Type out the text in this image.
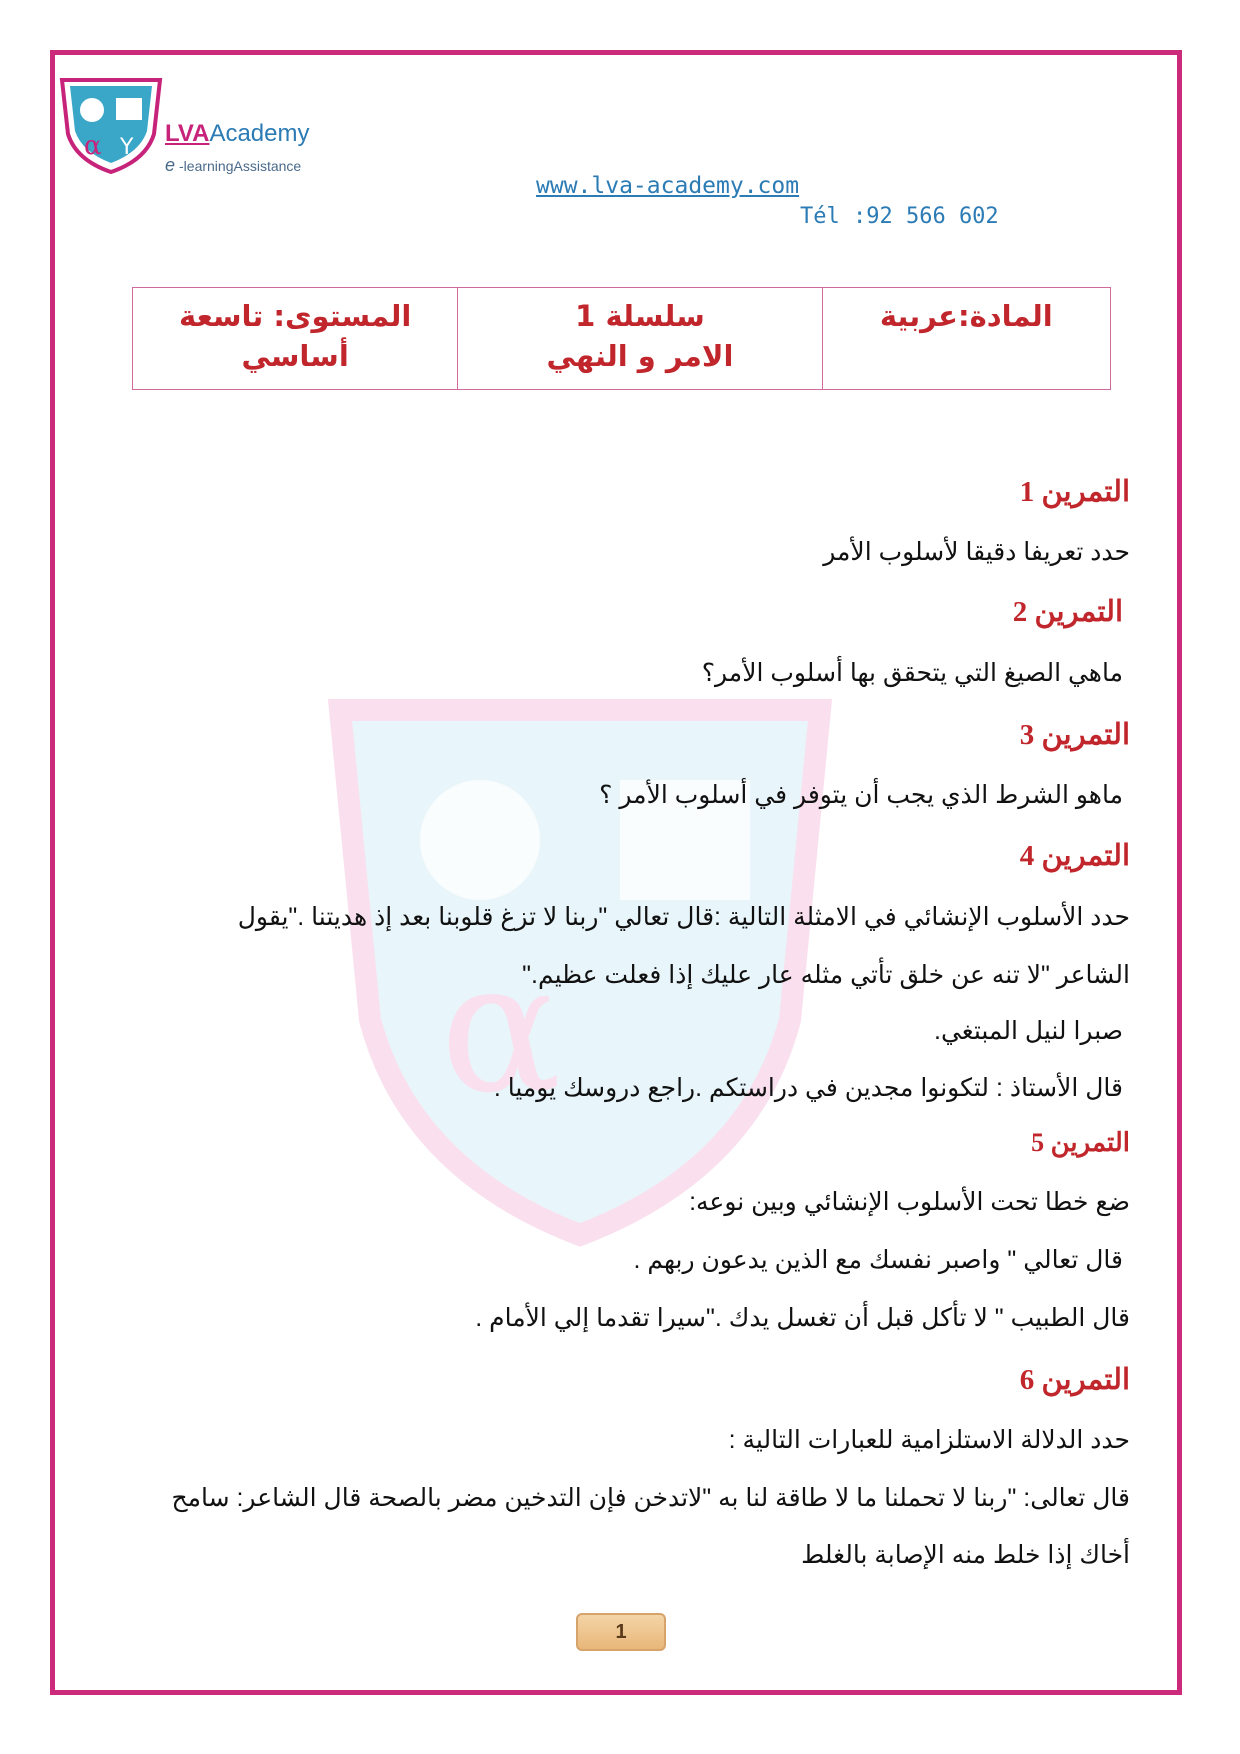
α
α Y
LVAAcademy
e -learningAssistance
www.lva-academy.com
Tél :92 566 602
المستوى: تاسعة
أساسي
سلسلة 1
الامر و النهي
المادة:عربية
التمرين 1
حدد تعريفا دقيقا لأسلوب الأمر
التمرين 2
ماهي الصيغ التي يتحقق بها أسلوب الأمر؟
التمرين 3
ماهو الشرط الذي يجب أن يتوفر في أسلوب الأمر ؟
التمرين 4
حدد الأسلوب الإنشائي في الامثلة التالية :قال تعالي "ربنا لا تزغ قلوبنا بعد إذ هديتنا ."يقول
الشاعر "لا تنه عن خلق تأتي مثله عار عليك إذا فعلت عظيم."
صبرا لنيل المبتغي.
قال الأستاذ : لتكونوا مجدين في دراستكم .راجع دروسك يوميا .
التمرين 5
ضع خطا تحت الأسلوب الإنشائي وبين نوعه:
قال تعالي " واصبر نفسك مع الذين يدعون ربهم .
قال الطبيب " لا تأكل قبل أن تغسل يدك ."سيرا تقدما إلي الأمام .
التمرين 6
حدد الدلالة الاستلزامية للعبارات التالية :
قال تعالى: "ربنا لا تحملنا ما لا طاقة لنا به "لاتدخن فإن التدخين مضر بالصحة قال الشاعر: سامح
أخاك إذا خلط منه الإصابة بالغلط
1
